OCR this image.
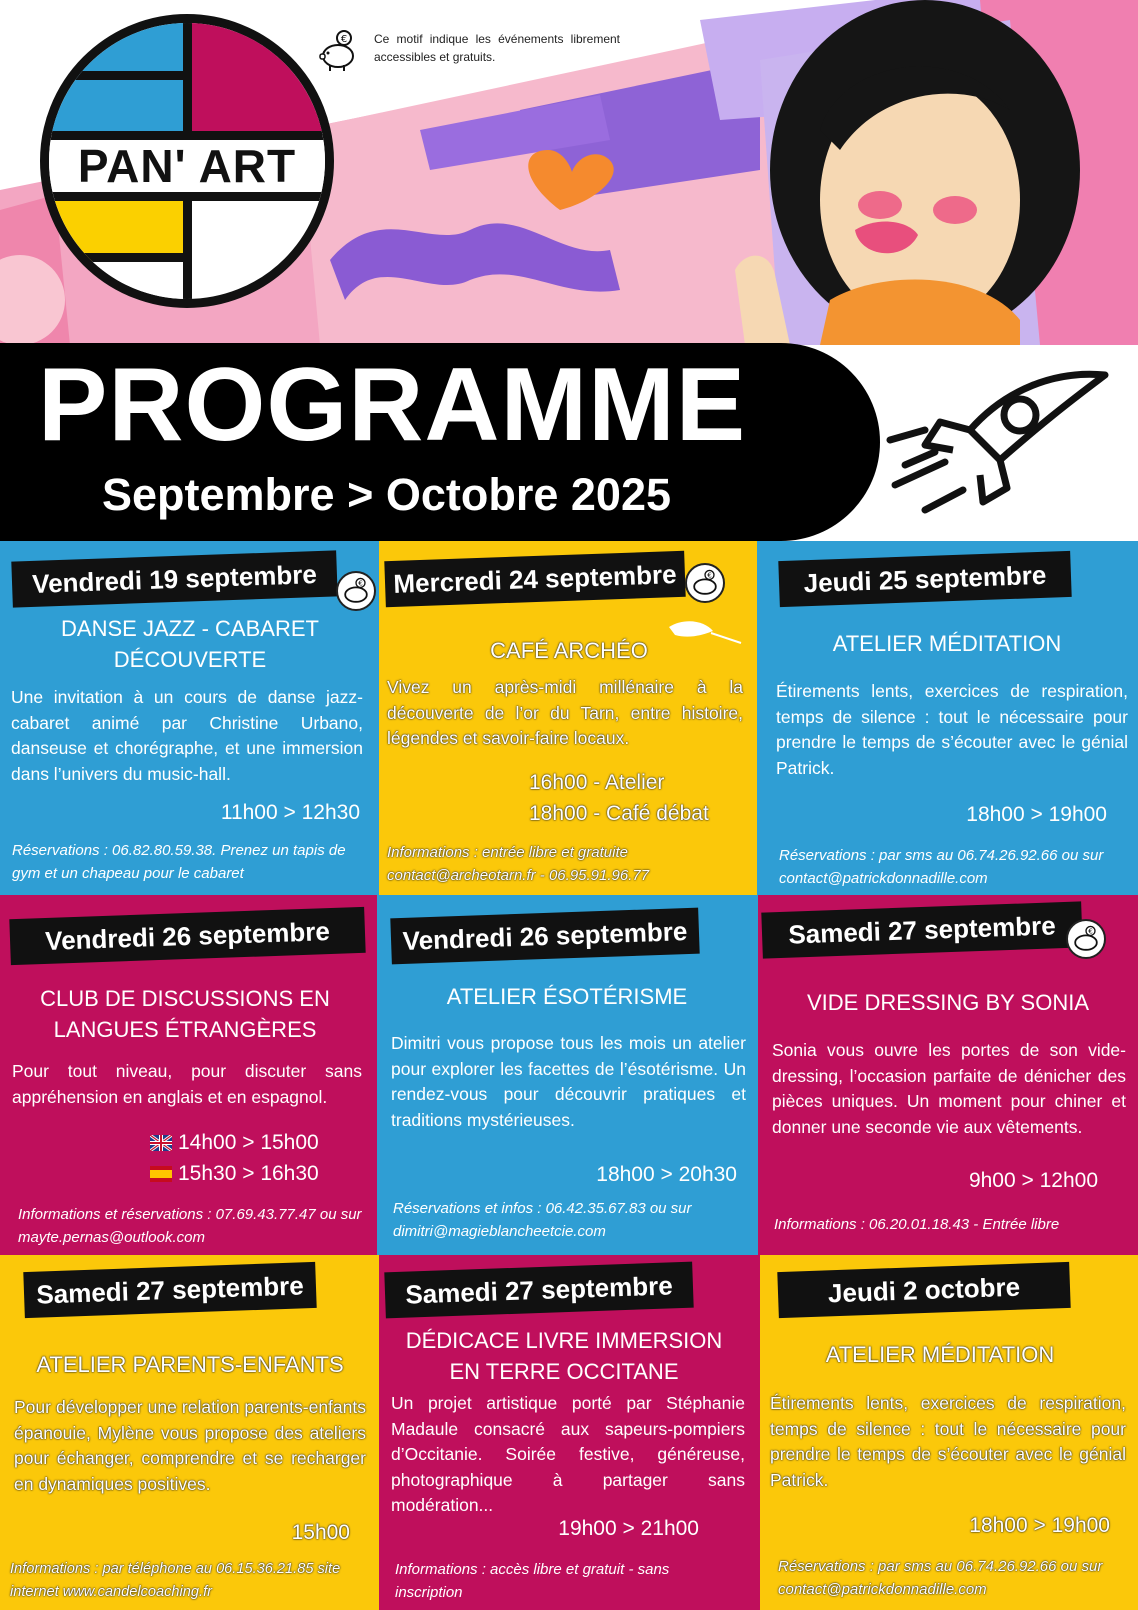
PAN' ART
€ Ce motif indique les événements librement accessibles et gratuits.
PROGRAMME
Septembre > Octobre 2025
Vendredi 19 septembre	€
DANSE JAZZ - CABARET DÉCOUVERTE
Une invitation à un cours de danse jazz-cabaret animé par Christine Urbano, danseuse et chorégraphe, et une immersion dans l’univers du music-hall.
11h00 > 12h30
Réservations : 06.82.80.59.38. Prenez un tapis de gym et un chapeau pour le cabaret
Mercredi 24 septembre	€
CAFÉ ARCHÉO
Vivez un après-midi millénaire à la découverte de l’or du Tarn, entre histoire, légendes et savoir-faire locaux.
16h00 - Atelier
18h00 - Café débat
Informations : entrée libre et gratuite contact@archeotarn.fr - 06.95.91.96.77
Jeudi 25 septembre
ATELIER MÉDITATION
Étirements lents, exercices de respiration, temps de silence : tout le nécessaire pour prendre le temps de s’écouter avec le génial Patrick.
18h00 > 19h00
Réservations : par sms au 06.74.26.92.66 ou sur contact@patrickdonnadille.com
Vendredi 26 septembre
CLUB DE DISCUSSIONS EN LANGUES ÉTRANGÈRES
Pour tout niveau, pour discuter sans appréhension en anglais et en espagnol.
14h00 > 15h00
15h30 > 16h30
Informations et réservations : 07.69.43.77.47 ou sur mayte.pernas@outlook.com
Vendredi 26 septembre
ATELIER ÉSOTÉRISME
Dimitri vous propose tous les mois un atelier pour explorer les facettes de l’ésotérisme. Un rendez-vous pour découvrir pratiques et traditions mystérieuses.
18h00 > 20h30
Réservations et infos : 06.42.35.67.83 ou sur dimitri@magieblancheetcie.com
Samedi 27 septembre	€
VIDE DRESSING BY SONIA
Sonia vous ouvre les portes de son vide-dressing, l’occasion parfaite de dénicher des pièces uniques. Un moment pour chiner et donner une seconde vie aux vêtements.
9h00 > 12h00
Informations : 06.20.01.18.43 - Entrée libre
Samedi 27 septembre
ATELIER PARENTS-ENFANTS
Pour développer une relation parents-enfants épanouie, Mylène vous propose des ateliers pour échanger, comprendre et se recharger en dynamiques positives.
15h00
Informations : par téléphone au 06.15.36.21.85 site internet www.candelcoaching.fr
Samedi 27 septembre
DÉDICACE LIVRE IMMERSION EN TERRE OCCITANE
Un projet artistique porté par Stéphanie Madaule consacré aux sapeurs-pompiers d’Occitanie. Soirée festive, généreuse, photographique à partager sans modération...
19h00 > 21h00
Informations : accès libre et gratuit - sans inscription
Jeudi 2 octobre
ATELIER MÉDITATION
Étirements lents, exercices de respiration, temps de silence : tout le nécessaire pour prendre le temps de s’écouter avec le génial Patrick.
18h00 > 19h00
Réservations : par sms au 06.74.26.92.66 ou sur contact@patrickdonnadille.com
